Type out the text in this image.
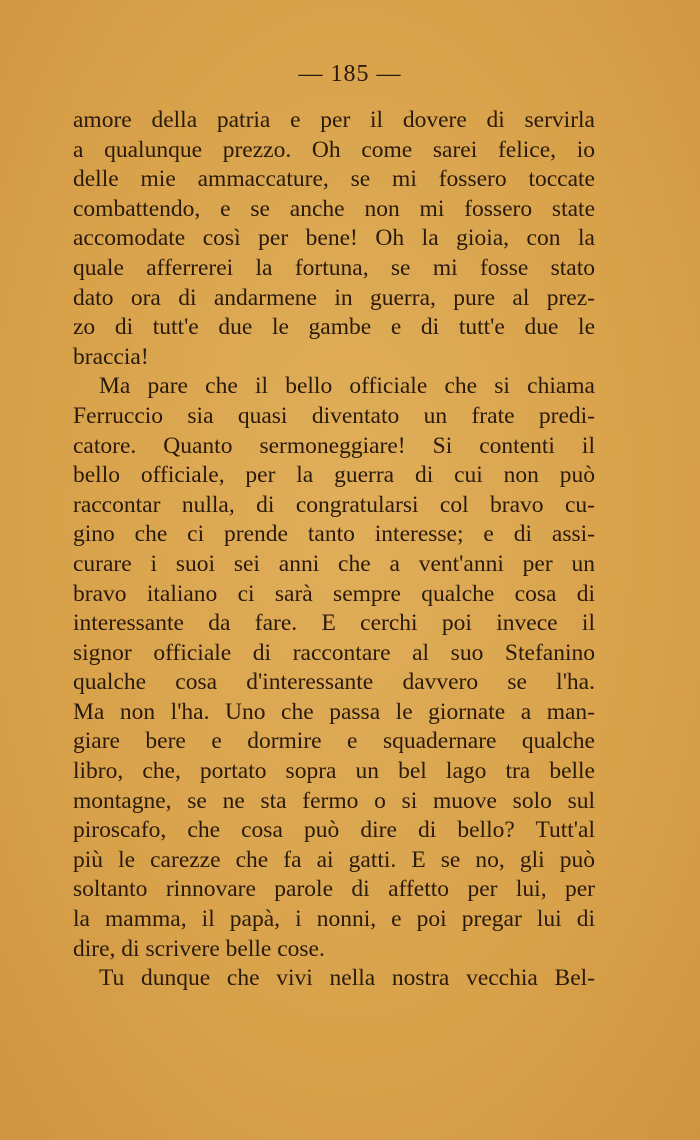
— 185 —
amore della patria e per il dovere di servirla
a qualunque prezzo. Oh come sarei felice, io
delle mie ammaccature, se mi fossero toccate
combattendo, e se anche non mi fossero state
accomodate così per bene! Oh la gioia, con la
quale afferrerei la fortuna, se mi fosse stato
dato ora di andarmene in guerra, pure al prez-
zo di tutt'e due le gambe e di tutt'e due le
braccia!
Ma pare che il bello officiale che si chiama
Ferruccio sia quasi diventato un frate predi-
catore. Quanto sermoneggiare! Si contenti il
bello officiale, per la guerra di cui non può
raccontar nulla, di congratularsi col bravo cu-
gino che ci prende tanto interesse; e di assi-
curare i suoi sei anni che a vent'anni per un
bravo italiano ci sarà sempre qualche cosa di
interessante da fare. E cerchi poi invece il
signor officiale di raccontare al suo Stefanino
qualche cosa d'interessante davvero se l'ha.
Ma non l'ha. Uno che passa le giornate a man-
giare bere e dormire e squadernare qualche
libro, che, portato sopra un bel lago tra belle
montagne, se ne sta fermo o si muove solo sul
piroscafo, che cosa può dire di bello? Tutt'al
più le carezze che fa ai gatti. E se no, gli può
soltanto rinnovare parole di affetto per lui, per
la mamma, il papà, i nonni, e poi pregar lui di
dire, di scrivere belle cose.
Tu dunque che vivi nella nostra vecchia Bel-
